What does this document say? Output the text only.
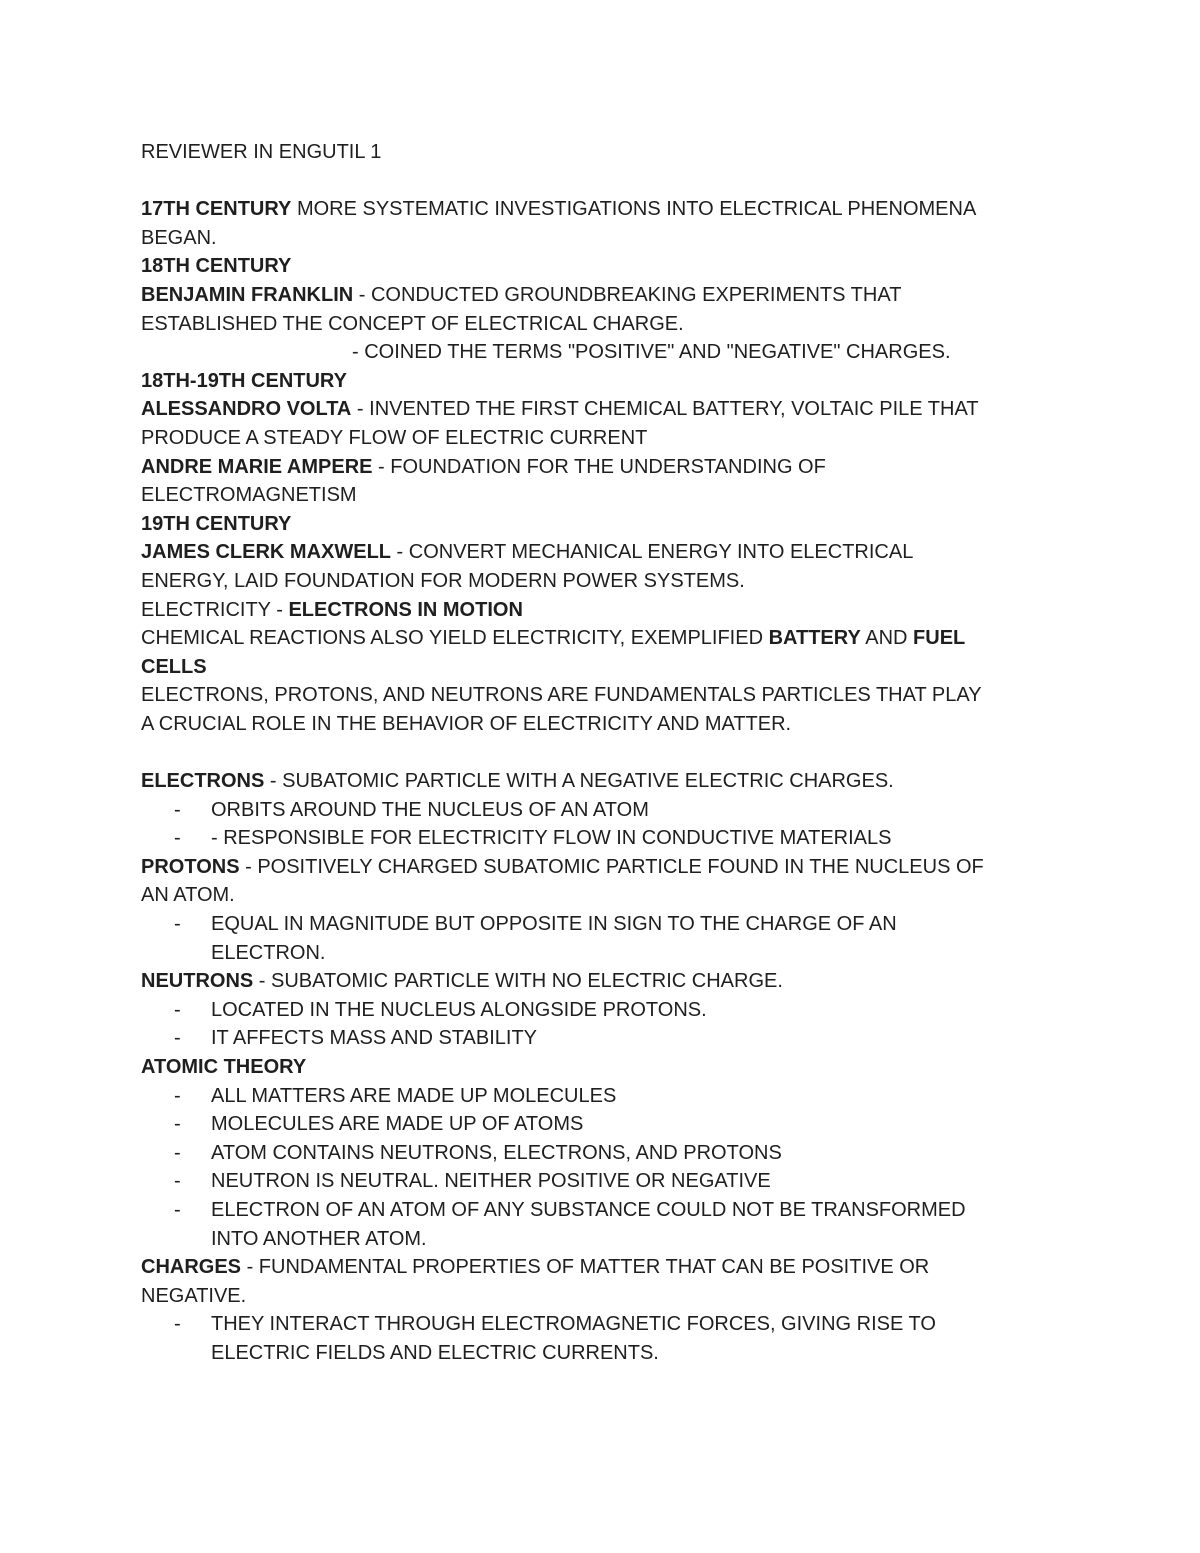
REVIEWER IN ENGUTIL 1

17TH CENTURY MORE SYSTEMATIC INVESTIGATIONS INTO ELECTRICAL PHENOMENA

BEGAN.

18TH CENTURY

BENJAMIN FRANKLIN - CONDUCTED GROUNDBREAKING EXPERIMENTS THAT

ESTABLISHED THE CONCEPT OF ELECTRICAL CHARGE.

- COINED THE TERMS "POSITIVE" AND "NEGATIVE" CHARGES.

18TH-19TH CENTURY

ALESSANDRO VOLTA - INVENTED THE FIRST CHEMICAL BATTERY, VOLTAIC PILE THAT

PRODUCE A STEADY FLOW OF ELECTRIC CURRENT

ANDRE MARIE AMPERE - FOUNDATION FOR THE UNDERSTANDING OF

ELECTROMAGNETISM

19TH CENTURY

JAMES CLERK MAXWELL - CONVERT MECHANICAL ENERGY INTO ELECTRICAL

ENERGY, LAID FOUNDATION FOR MODERN POWER SYSTEMS.

ELECTRICITY - ELECTRONS IN MOTION

CHEMICAL REACTIONS ALSO YIELD ELECTRICITY, EXEMPLIFIED BATTERY AND FUEL

CELLS

ELECTRONS, PROTONS, AND NEUTRONS ARE FUNDAMENTALS PARTICLES THAT PLAY

A CRUCIAL ROLE IN THE BEHAVIOR OF ELECTRICITY AND MATTER.

ELECTRONS - SUBATOMIC PARTICLE WITH A NEGATIVE ELECTRIC CHARGES.

- ORBITS AROUND THE NUCLEUS OF AN ATOM
- - RESPONSIBLE FOR ELECTRICITY FLOW IN CONDUCTIVE MATERIALS

PROTONS - POSITIVELY CHARGED SUBATOMIC PARTICLE FOUND IN THE NUCLEUS OF

AN ATOM.

- EQUAL IN MAGNITUDE BUT OPPOSITE IN SIGN TO THE CHARGE OF AN
ELECTRON.

NEUTRONS - SUBATOMIC PARTICLE WITH NO ELECTRIC CHARGE.

- LOCATED IN THE NUCLEUS ALONGSIDE PROTONS.
- IT AFFECTS MASS AND STABILITY

ATOMIC THEORY

- ALL MATTERS ARE MADE UP MOLECULES
- MOLECULES ARE MADE UP OF ATOMS
- ATOM CONTAINS NEUTRONS, ELECTRONS, AND PROTONS
- NEUTRON IS NEUTRAL. NEITHER POSITIVE OR NEGATIVE
- ELECTRON OF AN ATOM OF ANY SUBSTANCE COULD NOT BE TRANSFORMED
INTO ANOTHER ATOM.

CHARGES - FUNDAMENTAL PROPERTIES OF MATTER THAT CAN BE POSITIVE OR

NEGATIVE.

- THEY INTERACT THROUGH ELECTROMAGNETIC FORCES, GIVING RISE TO
ELECTRIC FIELDS AND ELECTRIC CURRENTS.
